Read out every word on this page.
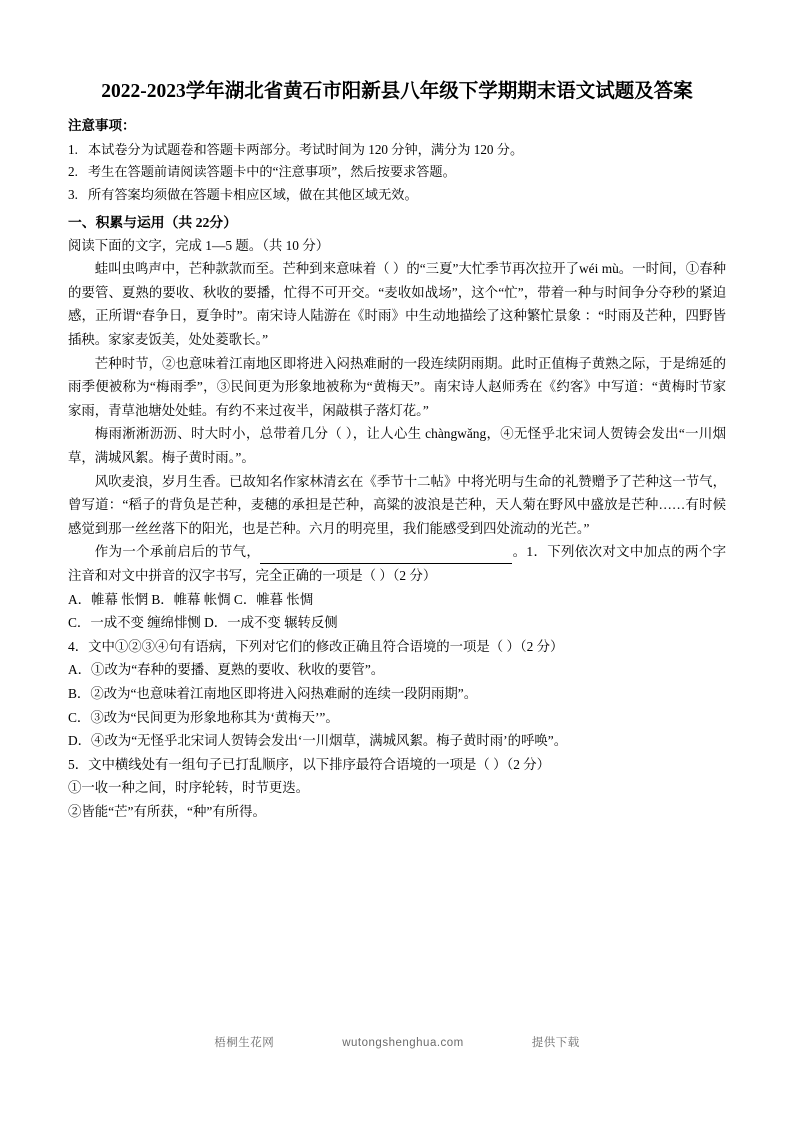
2022-2023学年湖北省黄石市阳新县八年级下学期期末语文试题及答案
注意事项：
1. 本试卷分为试题卷和答题卡两部分。考试时间为 120 分钟，满分为 120 分。
2. 考生在答题前请阅读答题卡中的“注意事项”，然后按要求答题。
3. 所有答案均须做在答题卡相应区域，做在其他区域无效。
一、积累与运用（共 22分）
阅读下面的文字，完成 1—5 题。（共 10 分）

蛙叫虫鸣声中，芒种款款而至。芒种到来意味着（ ）的“三夏”大忙季节再次拉开了wéi mù。一时间，①春种的要管、夏熟的要收、秋收的要播，忙得不可开交。“麦收如战场”，这个“忙”，带着一种与时间争分夺秒的紧迫感，正所谓“春争日，夏争时”。南宋诗人陆游在《时雨》中生动地描绘了这种繁忙景象 ：“时雨及芒种，四野皆插秧。家家麦饭美，处处菱歌长。”

芒种时节，②也意味着江南地区即将进入闷热难耐的一段连续阴雨期。此时正值梅子黄熟之际，于是绵延的雨季便被称为“梅雨季”，③民间更为形象地被称为“黄梅天”。南宋诗人赵师秀在《约客》中写道：“黄梅时节家家雨，青草池塘处处蛙。有约不来过夜半，闲敲棋子落灯花。”

梅雨淅淅沥沥、时大时小，总带着几分（ ），让人心生 chàngwǎng，④无怪乎北宋词人贺铸会发出“一川烟草，满城风絮。梅子黄时雨。”。

风吹麦浪，岁月生香。已故知名作家林清玄在《季节十二帖》中将光明与生命的礼赞赠予了芒种这一节气，曾写道：“稻子的背负是芒种，麦穗的承担是芒种，高粱的波浪是芒种，天人菊在野风中盛放是芒种……有时候感觉到那一丝丝落下的阳光，也是芒种。六月的明亮里，我们能感受到四处流动的光芒。”

作为一个承前启后的节气，	。1．下列依次对文中加点的两个字注音和对文中拼音的汉字书写，完全正确的一项是（ ）（2 分）

A．帷幕 怅惘 B．帷幕 帐惆 C．帷暮 怅惆

C．一成不变 缠绵悱恻 D．一成不变 辗转反侧

4．文中①②③④句有语病，下列对它们的修改正确且符合语境的一项是（ ）（2 分）

A．①改为“春种的要播、夏熟的要收、秋收的要管”。

B．②改为“也意味着江南地区即将进入闷热难耐的连续一段阴雨期”。

C．③改为“民间更为形象地称其为‘黄梅天’”。

D．④改为“无怪乎北宋词人贺铸会发出‘一川烟草，满城风絮。梅子黄时雨’的呼唤”。

5．文中横线处有一组句子已打乱顺序，以下排序最符合语境的一项是（ ）（2 分）

①一收一种之间，时序轮转，时节更迭。

②皆能“芒”有所获，“种”有所得。

梧桐生花网	wutongshenghua.com	提供下载
